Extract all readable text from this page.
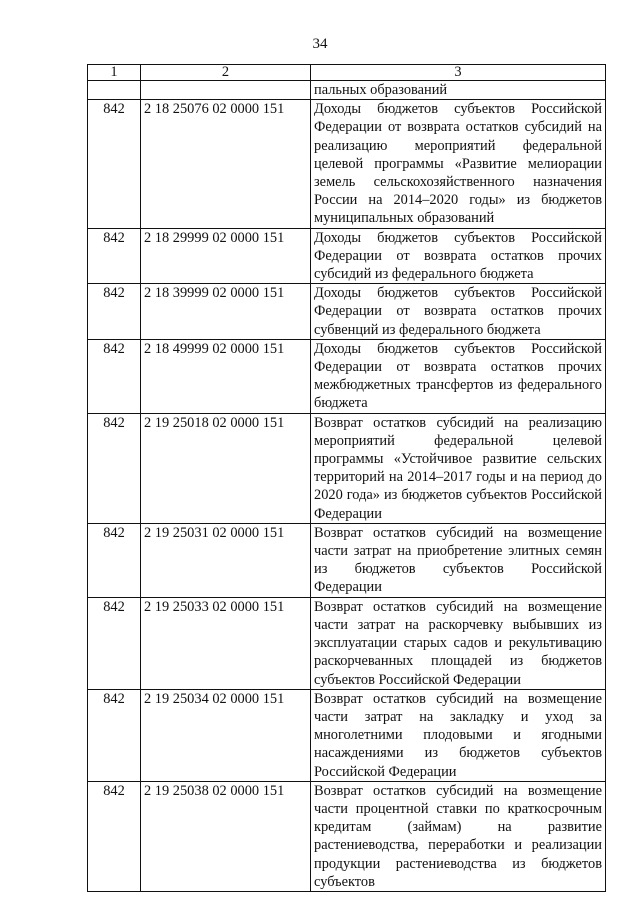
34
1	2	3
		пальных образований
842	2 18 25076 02 0000 151	Доходы бюджетов субъектов Российской Федерации от возврата остатков субсидий на реализацию мероприятий федеральной целевой программы «Развитие мелиорации земель сельскохозяйственного назначения России на 2014–2020 годы» из бюджетов муниципальных образований
842	2 18 29999 02 0000 151	Доходы бюджетов субъектов Российской Федерации от возврата остатков прочих субсидий из федерального бюджета
842	2 18 39999 02 0000 151	Доходы бюджетов субъектов Российской Федерации от возврата остатков прочих субвенций из федерального бюджета
842	2 18 49999 02 0000 151	Доходы бюджетов субъектов Российской Федерации от возврата остатков прочих межбюджетных трансфертов из федерального бюджета
842	2 19 25018 02 0000 151	Возврат остатков субсидий на реализацию мероприятий федеральной целевой программы «Устойчивое развитие сельских территорий на 2014–2017 годы и на период до 2020 года» из бюджетов субъектов Российской Федерации
842	2 19 25031 02 0000 151	Возврат остатков субсидий на возмещение части затрат на приобретение элитных семян из бюджетов субъектов Российской Федерации
842	2 19 25033 02 0000 151	Возврат остатков субсидий на возмещение части затрат на раскорчевку выбывших из эксплуатации старых садов и рекультивацию раскорчеванных площадей из бюджетов субъектов Российской Федерации
842	2 19 25034 02 0000 151	Возврат остатков субсидий на возмещение части затрат на закладку и уход за многолетними плодовыми и ягодными насаждениями из бюджетов субъектов Российской Федерации
842	2 19 25038 02 0000 151	Возврат остатков субсидий на возмещение части процентной ставки по краткосрочным кредитам (займам) на развитие растениеводства, переработки и реализации продукции растениеводства из бюджетов субъектов
